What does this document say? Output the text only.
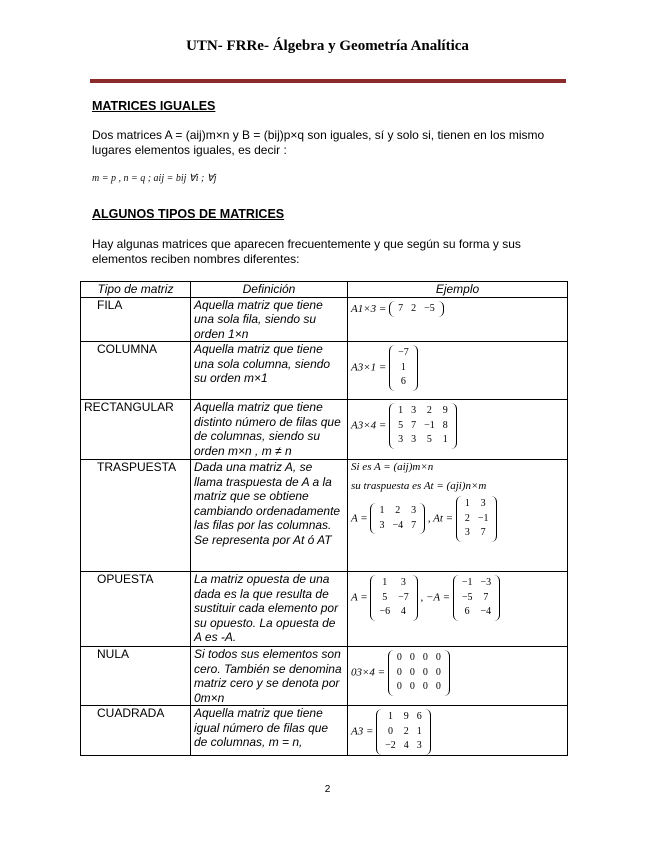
UTN- FRRe- Álgebra y Geometría Analítica
MATRICES IGUALES
Dos matrices A = (aij)m×n y B = (bij)p×q son iguales, sí y solo si, tienen en los mismo lugares elementos iguales, es decir :
m = p , n = q ; aij = bij ∀i ; ∀j
ALGUNOS TIPOS DE MATRICES
Hay algunas matrices que aparecen frecuentemente y que según su forma y sus elementos reciben nombres diferentes:
Tipo de matriz	Definición	Ejemplo
FILA	Aquella matriz que tiene una sola fila, siendo su orden 1×n	
A1×3 = 7	2	−5

COLUMNA	Aquella matriz que tiene una sola columna, siendo su orden m×1	
A3×1 =
−7
1
6

RECTANGULAR	Aquella matriz que tiene distinto número de filas que de columnas, siendo su orden m×n , m ≠ n	
A3×4 =
1	3	2	9
5	7	−1	8
3	3	5	1

TRASPUESTA	Dada una matriz A, se llama traspuesta de A a la matriz que se obtiene cambiando ordenadamente las filas por las columnas. Se representa por At ó AT	
Si es A = (aij)m×n
su traspuesta es At = (aji)n×m
A =
1	2	3
3	−4	7
, At =
1	3
2	−1
3	7

OPUESTA	La matriz opuesta de una dada es la que resulta de sustituir cada elemento por su opuesto. La opuesta de A es -A.	
A =
1	3
5	−7
−6	4
, −A =
−1	−3
−5	7
6	−4

NULA	Si todos sus elementos son cero. También se denomina matriz cero y se denota por 0m×n	
03×4 =
0	0	0	0
0	0	0	0
0	0	0	0

CUADRADA	Aquella matriz que tiene igual número de filas que de columnas, m = n,	
A3 =
1	9	6
0	2	1
−2	4	3
2
